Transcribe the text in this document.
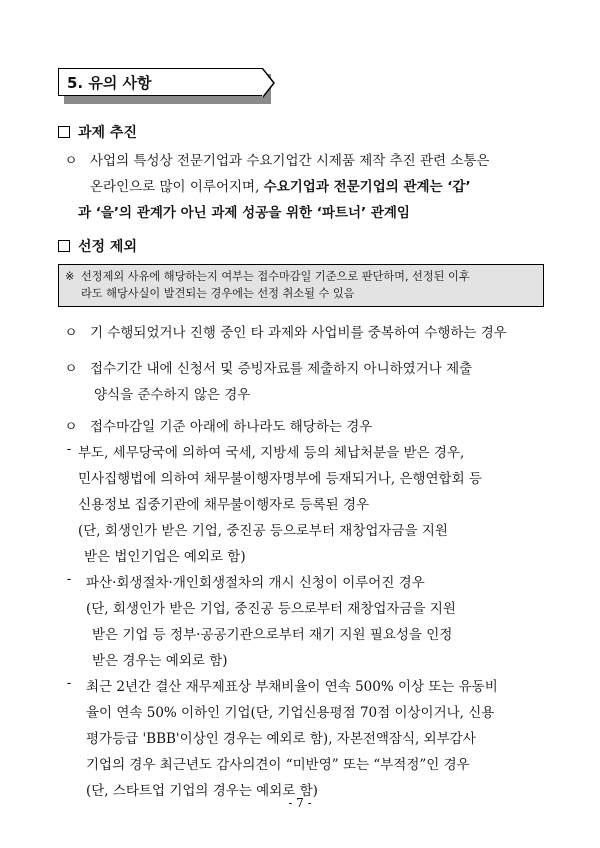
5. 유의 사항
과제 추진
ㅇ 사업의 특성상 전문기업과 수요기업간 시제품 제작 추진 관련 소통은
온라인으로 많이 이루어지며, 수요기업과 전문기업의 관계는 ‘갑’
과 ‘을’의 관계가 아닌 과제 성공을 위한 ‘파트너’ 관계임
선정 제외
※ 선정제외 사유에 해당하는지 여부는 접수마감일 기준으로 판단하며, 선정된 이후
라도 해당사실이 발견되는 경우에는 선정 취소될 수 있음
ㅇ 기 수행되었거나 진행 중인 타 과제와 사업비를 중복하여 수행하는 경우
ㅇ 접수기간 내에 신청서 및 증빙자료를 제출하지 아니하였거나 제출
양식을 준수하지 않은 경우
ㅇ 접수마감일 기준 아래에 하나라도 해당하는 경우
- 부도, 세무당국에 의하여 국세, 지방세 등의 체납처분을 받은 경우,
민사집행법에 의하여 채무불이행자명부에 등재되거나, 은행연합회 등
신용정보 집중기관에 채무불이행자로 등록된 경우
(단, 회생인가 받은 기업, 중진공 등으로부터 재창업자금을 지원
받은 법인기업은 예외로 함)
-	파산·회생절차·개인회생절차의 개시 신청이 이루어진 경우
(단, 회생인가 받은 기업, 중진공 등으로부터 재창업자금을 지원
받은 기업 등 정부·공공기관으로부터 재기 지원 필요성을 인정
받은 경우는 예외로 함)
-	최근 2년간 결산 재무제표상 부채비율이 연속 500% 이상 또는 유동비
율이 연속 50% 이하인 기업(단, 기업신용평점 70점 이상이거나, 신용
평가등급 'BBB'이상인 경우는 예외로 함), 자본전액잠식, 외부감사
기업의 경우 최근년도 감사의견이 “미반영” 또는 “부적정”인 경우
(단, 스타트업 기업의 경우는 예외로 함)
- 7 -
